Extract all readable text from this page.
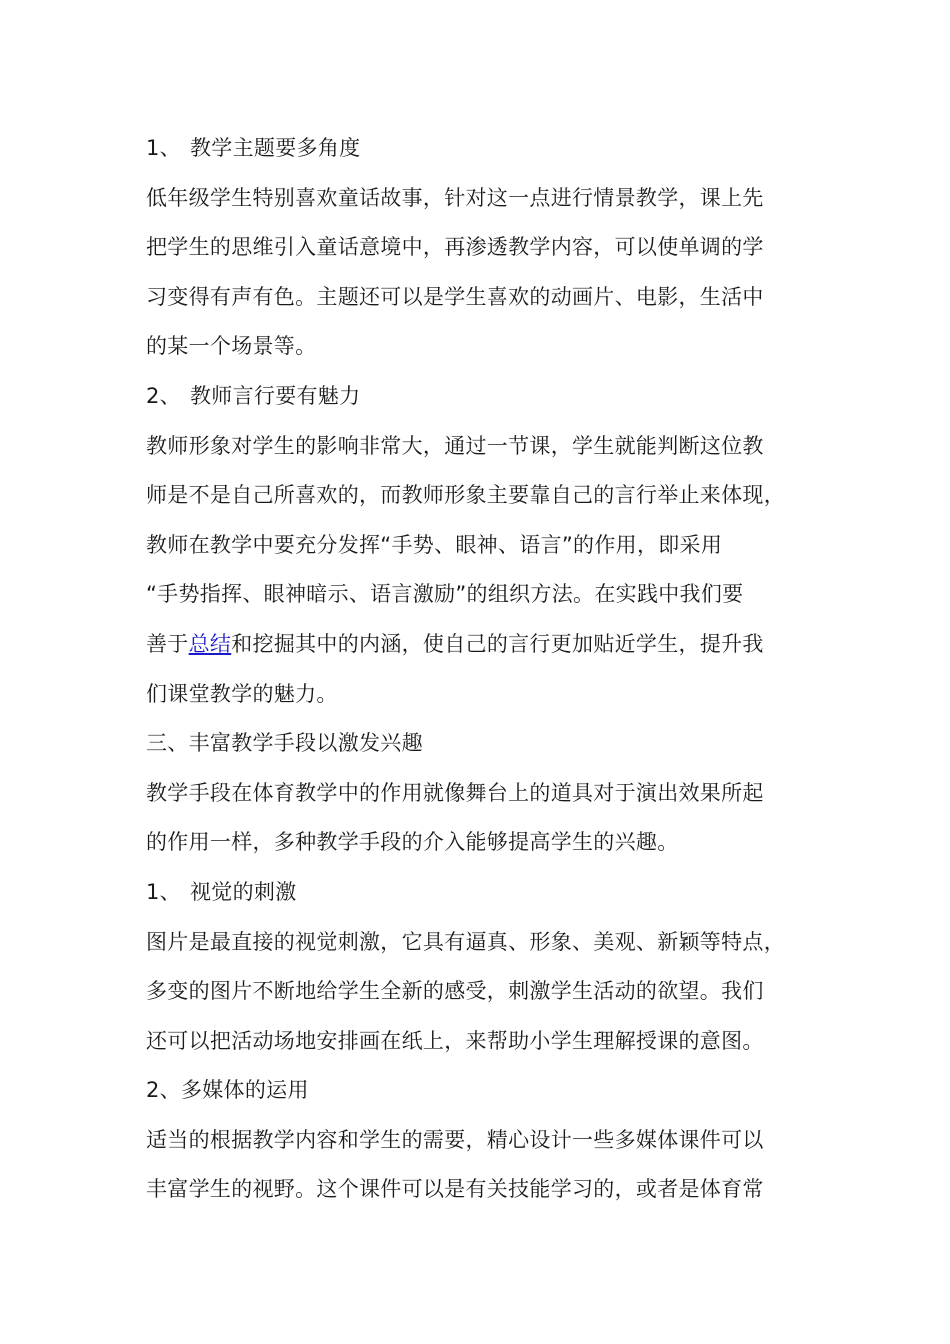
1、 教学主题要多角度
低年级学生特别喜欢童话故事，针对这一点进行情景教学，课上先
把学生的思维引入童话意境中，再渗透教学内容，可以使单调的学
习变得有声有色。主题还可以是学生喜欢的动画片、电影，生活中
的某一个场景等。
2、 教师言行要有魅力
教师形象对学生的影响非常大，通过一节课，学生就能判断这位教
师是不是自己所喜欢的，而教师形象主要靠自己的言行举止来体现，
教师在教学中要充分发挥“手势、眼神、语言”的作用，即采用
“手势指挥、眼神暗示、语言激励”的组织方法。在实践中我们要
善于总结和挖掘其中的内涵，使自己的言行更加贴近学生，提升我
们课堂教学的魅力。
三、丰富教学手段以激发兴趣
教学手段在体育教学中的作用就像舞台上的道具对于演出效果所起
的作用一样，多种教学手段的介入能够提高学生的兴趣。
1、 视觉的刺激
图片是最直接的视觉刺激，它具有逼真、形象、美观、新颖等特点，
多变的图片不断地给学生全新的感受，刺激学生活动的欲望。我们
还可以把活动场地安排画在纸上，来帮助小学生理解授课的意图。
2、多媒体的运用
适当的根据教学内容和学生的需要，精心设计一些多媒体课件可以
丰富学生的视野。这个课件可以是有关技能学习的，或者是体育常
